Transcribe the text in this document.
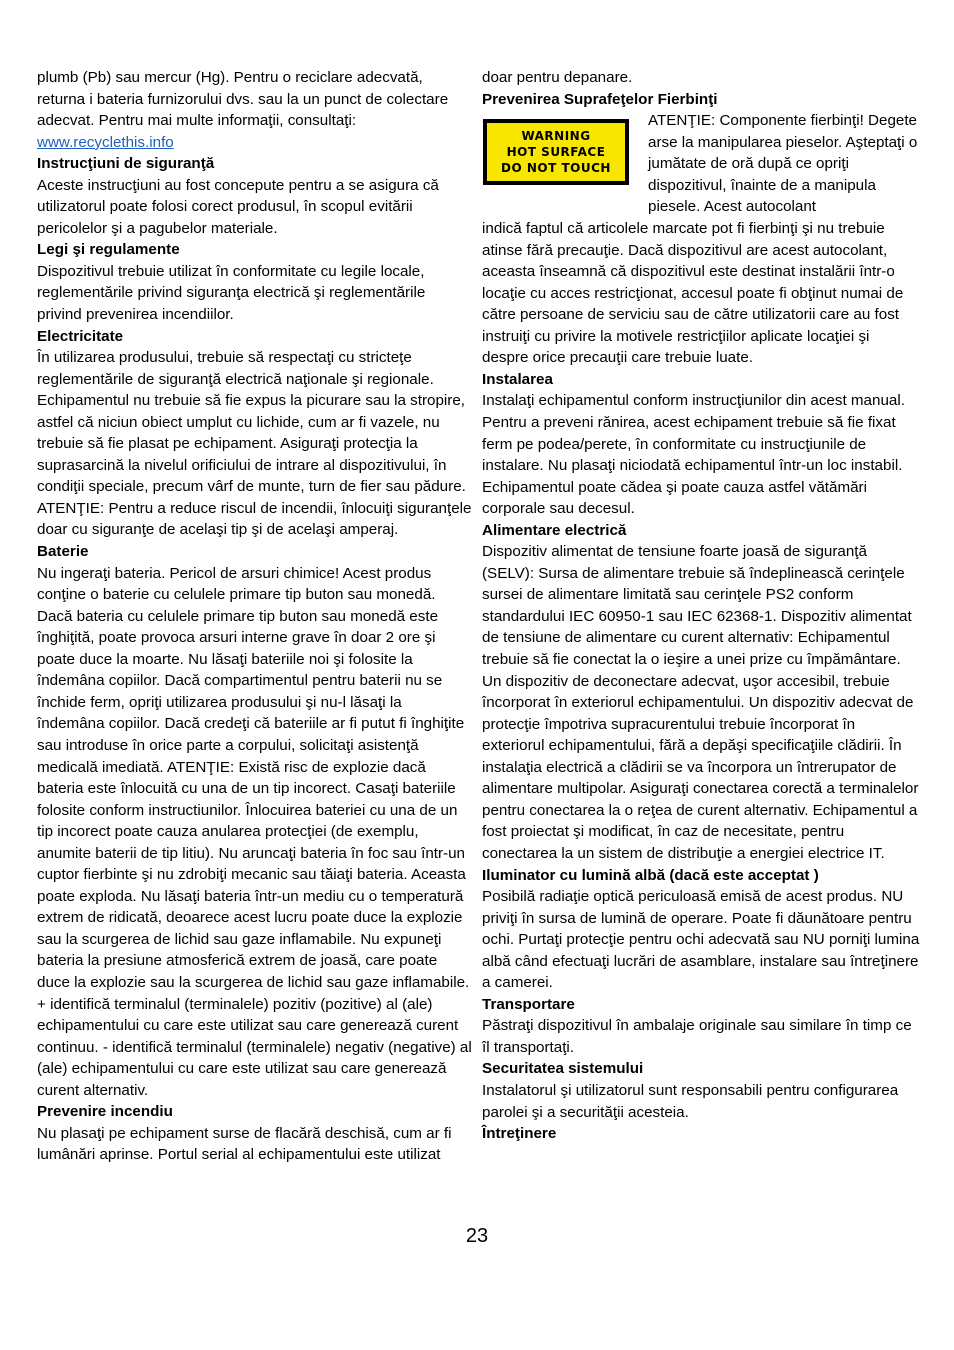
plumb (Pb) sau mercur (Hg). Pentru o reciclare adecvată, returna i bateria furnizorului dvs. sau la un punct de colectare adecvat. Pentru mai multe informaţii, consultaţi: www.recyclethis.info

Instrucţiuni de siguranţă

Aceste instrucţiuni au fost concepute pentru a se asigura că utilizatorul poate folosi corect produsul, în scopul evitării pericolelor şi a pagubelor materiale.

Legi şi regulamente

Dispozitivul trebuie utilizat în conformitate cu legile locale, reglementările privind siguranţa electrică şi reglementările privind prevenirea incendiilor.

Electricitate

În utilizarea produsului, trebuie să respectaţi cu stricteţe reglementările de siguranţă electrică naţionale şi regionale. Echipamentul nu trebuie să fie expus la picurare sau la stropire, astfel că niciun obiect umplut cu lichide, cum ar fi vazele, nu trebuie să fie plasat pe echipament. Asiguraţi protecţia la suprasarcină la nivelul orificiului de intrare al dispozitivului, în condiţii speciale, precum vârf de munte, turn de fier sau pădure. ATENŢIE: Pentru a reduce riscul de incendii, înlocuiţi siguranţele doar cu siguranţe de acelaşi tip şi de acelaşi amperaj.

Baterie

Nu ingeraţi bateria. Pericol de arsuri chimice! Acest produs conţine o baterie cu celulele primare tip buton sau monedă. Dacă bateria cu celulele primare tip buton sau monedă este înghiţită, poate provoca arsuri interne grave în doar 2 ore şi poate duce la moarte. Nu lăsaţi bateriile noi şi folosite la îndemâna copiilor. Dacă compartimentul pentru baterii nu se închide ferm, opriţi utilizarea produsului şi nu-l lăsaţi la îndemâna copiilor. Dacă credeţi că bateriile ar fi putut fi înghiţite sau introduse în orice parte a corpului, solicitaţi asistenţă medicală imediată. ATENŢIE: Există risc de explozie dacă bateria este înlocuită cu una de un tip incorect. Casaţi bateriile folosite conform instructiunilor. Înlocuirea bateriei cu una de un tip incorect poate cauza anularea protecţiei (de exemplu, anumite baterii de tip litiu). Nu aruncaţi bateria în foc sau într-un cuptor fierbinte şi nu zdrobiţi mecanic sau tăiaţi bateria. Aceasta poate exploda. Nu lăsaţi bateria într-un mediu cu o temperatură extrem de ridicată, deoarece acest lucru poate duce la explozie sau la scurgerea de lichid sau gaze inflamabile. Nu expuneţi bateria la presiune atmosferică extrem de joasă, care poate duce la explozie sau la scurgerea de lichid sau gaze inflamabile. + identifică terminalul (terminalele) pozitiv (pozitive) al (ale) echipamentului cu care este utilizat sau care generează curent continuu. - identifică terminalul (terminalele) negativ (negative) al (ale) echipamentului cu care este utilizat sau care generează curent alternativ.

Prevenire incendiu

Nu plasaţi pe echipament surse de flacără deschisă, cum ar fi lumânări aprinse. Portul serial al echipamentului este utilizat

doar pentru depanare.

Prevenirea Suprafeţelor Fierbinţi

WARNING
HOT SURFACE
DO NOT TOUCH

ATENŢIE: Componente fierbinţi! Degete arse la manipularea pieselor. Aşteptaţi o jumătate de oră după ce opriţi dispozitivul, înainte de a manipula piesele. Acest autocolant

indică faptul că articolele marcate pot fi fierbinţi şi nu trebuie atinse fără precauţie. Dacă dispozitivul are acest autocolant, aceasta înseamnă că dispozitivul este destinat instalării într-o locaţie cu acces restricţionat, accesul poate fi obţinut numai de către persoane de serviciu sau de către utilizatorii care au fost instruiţi cu privire la motivele restricţiilor aplicate locaţiei şi despre orice precauţii care trebuie luate.

Instalarea

Instalaţi echipamentul conform instrucţiunilor din acest manual. Pentru a preveni rănirea, acest echipament trebuie să fie fixat ferm pe podea/perete, în conformitate cu instrucţiunile de instalare. Nu plasaţi niciodată echipamentul într-un loc instabil. Echipamentul poate cădea şi poate cauza astfel vătămări corporale sau decesul.

Alimentare electrică

Dispozitiv alimentat de tensiune foarte joasă de siguranţă (SELV): Sursa de alimentare trebuie să îndeplinească cerinţele sursei de alimentare limitată sau cerinţele PS2 conform standardului IEC 60950-1 sau IEC 62368-1. Dispozitiv alimentat de tensiune de alimentare cu curent alternativ: Echipamentul trebuie să fie conectat la o ieşire a unei prize cu împământare. Un dispozitiv de deconectare adecvat, uşor accesibil, trebuie încorporat în exteriorul echipamentului. Un dispozitiv adecvat de protecţie împotriva supracurentului trebuie încorporat în exteriorul echipamentului, fără a depăşi specificaţiile clădirii. În instalaţia electrică a clădirii se va încorpora un întrerupator de alimentare multipolar. Asiguraţi conectarea corectă a terminalelor pentru conectarea la o reţea de curent alternativ. Echipamentul a fost proiectat şi modificat, în caz de necesitate, pentru conectarea la un sistem de distribuţie a energiei electrice IT.

Iluminator cu lumină albă (dacă este acceptat )

Posibilă radiaţie optică periculoasă emisă de acest produs. NU priviţi în sursa de lumină de operare. Poate fi dăunătoare pentru ochi. Purtaţi protecţie pentru ochi adecvată sau NU porniţi lumina albă când efectuaţi lucrări de asamblare, instalare sau întreţinere a camerei.

Transportare

Păstraţi dispozitivul în ambalaje originale sau similare în timp ce îl transportaţi.

Securitatea sistemului

Instalatorul şi utilizatorul sunt responsabili pentru configurarea parolei şi a securităţii acesteia.

Întreţinere

23
